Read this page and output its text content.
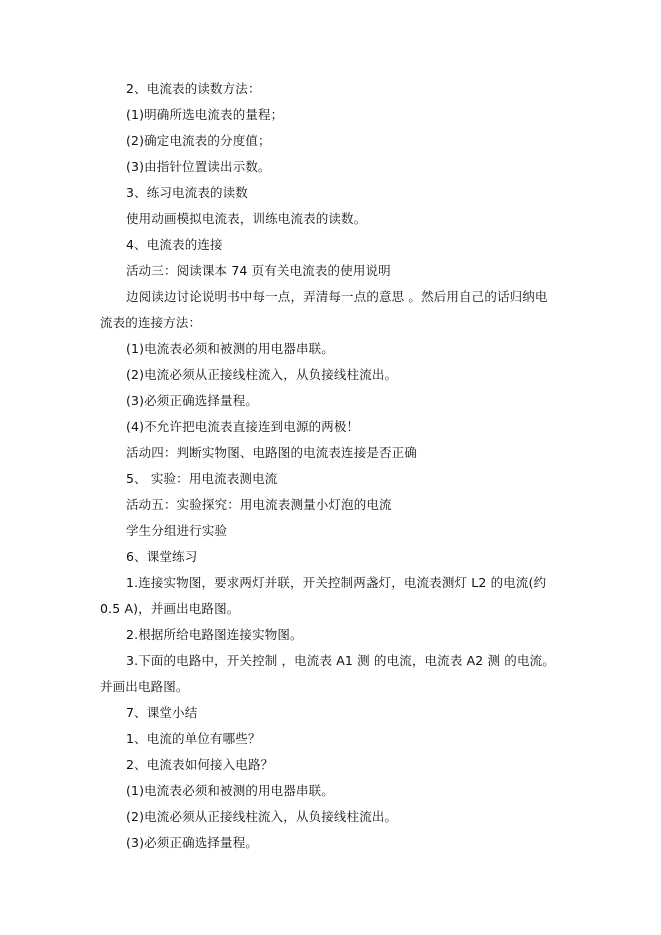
2、电流表的读数方法：
(1)明确所选电流表的量程；
(2)确定电流表的分度值；
(3)由指针位置读出示数。
3、练习电流表的读数
使用动画模拟电流表，训练电流表的读数。
4、电流表的连接
活动三：阅读课本 74 页有关电流表的使用说明
边阅读边讨论说明书中每一点，弄清每一点的意思 。然后用自己的话归纳电
流表的连接方法：
(1)电流表必须和被测的用电器串联。
(2)电流必须从正接线柱流入，从负接线柱流出。
(3)必须正确选择量程。
(4)不允许把电流表直接连到电源的两极！
活动四：判断实物图、电路图的电流表连接是否正确
5、 实验：用电流表测电流
活动五：实验探究：用电流表测量小灯泡的电流
学生分组进行实验
6、课堂练习
1.连接实物图，要求两灯并联，开关控制两盏灯，电流表测灯 L2 的电流(约
0.5 A)，并画出电路图。
2.根据所给电路图连接实物图。
3.下面的电路中，开关控制 ，电流表 A1 测 的电流，电流表 A2 测 的电流。
并画出电路图。
7、课堂小结
1、电流的单位有哪些？
2、电流表如何接入电路？
(1)电流表必须和被测的用电器串联。
(2)电流必须从正接线柱流入，从负接线柱流出。
(3)必须正确选择量程。
